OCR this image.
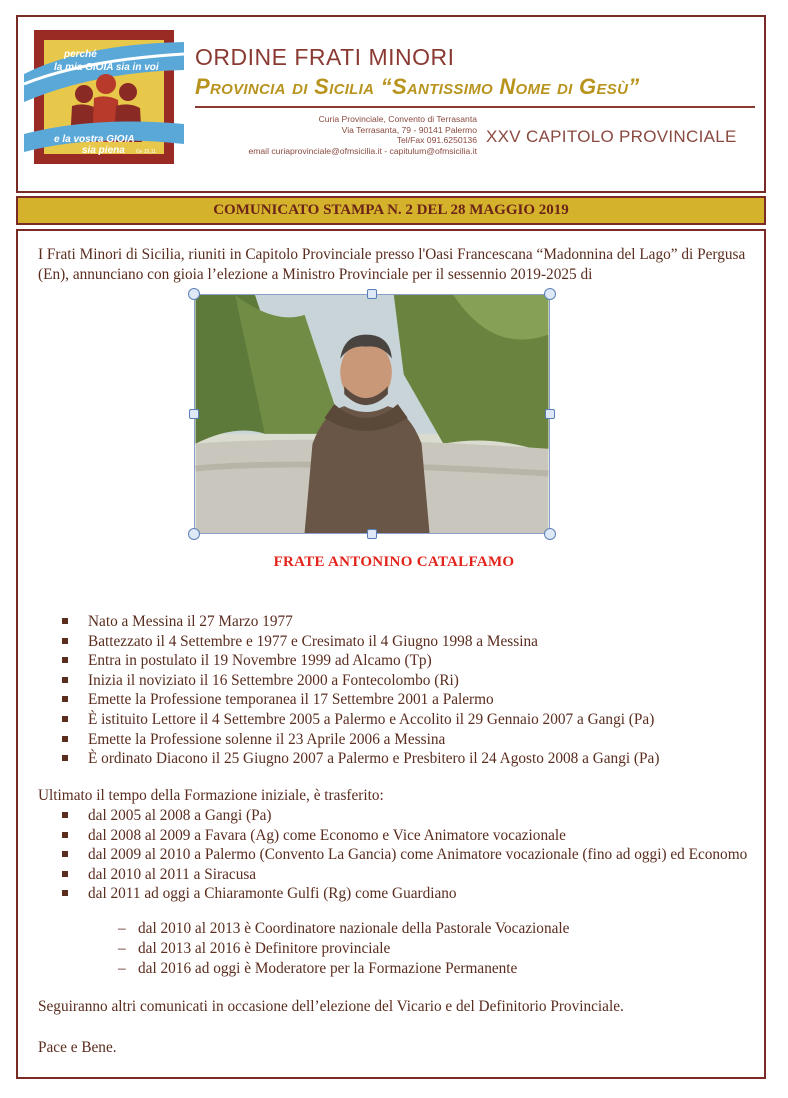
perché
la mia GIOIA sia in voi
e la vostra GIOIA
sia piena Gv 15,11
ORDINE FRATI MINORI
Provincia di Sicilia “Santissimo Nome di Gesù”
Curia Provinciale, Convento di Terrasanta
Via Terrasanta, 79 - 90141 Palermo
Tel/Fax 091.6250136
email curiaprovinciale@ofmsicilia.it - capitulum@ofmsicilia.it
XXV CAPITOLO PROVINCIALE
COMUNICATO STAMPA N. 2 DEL 28 MAGGIO 2019
I Frati Minori di Sicilia, riuniti in Capitolo Provinciale presso l'Oasi Francescana “Madonnina del Lago” di Pergusa (En), annunciano con gioia l’elezione a Ministro Provinciale per il sessennio 2019-2025 di
FRATE ANTONINO CATALFAMO
Nato a Messina il 27 Marzo 1977
Battezzato il 4 Settembre e 1977 e Cresimato il 4 Giugno 1998 a Messina
Entra in postulato il 19 Novembre 1999 ad Alcamo (Tp)
Inizia il noviziato il 16 Settembre 2000 a Fontecolombo (Ri)
Emette la Professione temporanea il 17 Settembre 2001 a Palermo
È istituito Lettore il 4 Settembre 2005 a Palermo e Accolito il 29 Gennaio 2007 a Gangi (Pa)
Emette la Professione solenne il 23 Aprile 2006 a Messina
È ordinato Diacono il 25 Giugno 2007 a Palermo e Presbitero il 24 Agosto 2008 a Gangi (Pa)
Ultimato il tempo della Formazione iniziale, è trasferito:
dal 2005 al 2008 a Gangi (Pa)
dal 2008 al 2009 a Favara (Ag) come Economo e Vice Animatore vocazionale
dal 2009 al 2010 a Palermo (Convento La Gancia) come Animatore vocazionale (fino ad oggi) ed Economo
dal 2010 al 2011 a Siracusa
dal 2011 ad oggi a Chiaramonte Gulfi (Rg) come Guardiano
– dal 2010 al 2013 è Coordinatore nazionale della Pastorale Vocazionale
– dal 2013 al 2016 è Definitore provinciale
– dal 2016 ad oggi è Moderatore per la Formazione Permanente
Seguiranno altri comunicati in occasione dell’elezione del Vicario e del Definitorio Provinciale.
Pace e Bene.
